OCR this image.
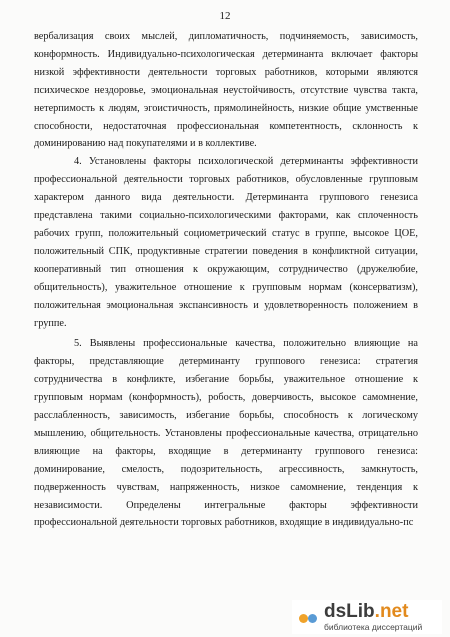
12

вербализация своих мыслей, дипломатичность, подчиняемость, зависимость, конформность. Индивидуально-психологическая детерминанта включает факторы низкой эффективности деятельности торговых работников, которыми являются психическое нездоровье, эмоциональная неустойчивость, отсутствие чувства такта, нетерпимость к людям, эгоистичность, прямолинейность, низкие общие умственные способности, недостаточная профессиональная компетентность, склонность к доминированию над покупателями и в коллективе.

4. Установлены факторы психологической детерминанты эффективности профессиональной деятельности торговых работников, обусловленные групповым характером данного вида деятельности. Детерминанта группового генезиса представлена такими социально-психологическими факторами, как сплоченность рабочих групп, положительный социометрический статус в группе, высокое ЦОЕ, положительный СПК, продуктивные стратегии поведения в конфликтной ситуации, кооперативный тип отношения к окружающим, сотрудничество (дружелюбие, общительность), уважительное отношение к групповым нормам (консерватизм), положительная эмоциональная экспансивность и удовлетворенность положением в группе.

5. Выявлены профессиональные качества, положительно влияющие на факторы, представляющие детерминанту группового генезиса: стратегия сотрудничества в конфликте, избегание борьбы, уважительное отношение к групповым нормам (конформность), робость, доверчивость, высокое самомнение, расслабленность, зависимость, избегание борьбы, способность к логическому мышлению, общительность. Установлены профессиональные качества, отрицательно влияющие на факторы, входящие в детерминанту группового генезиса: доминирование, смелость, подозрительность, агрессивность, замкнутость, подверженность чувствам, напряженность, низкое самомнение, тенденция к независимости. Определены интегральные факторы эффективности профессиональной деятельности торговых работников, входящие в индивидуально-пс

dsLib.net
библиотека диссертаций
